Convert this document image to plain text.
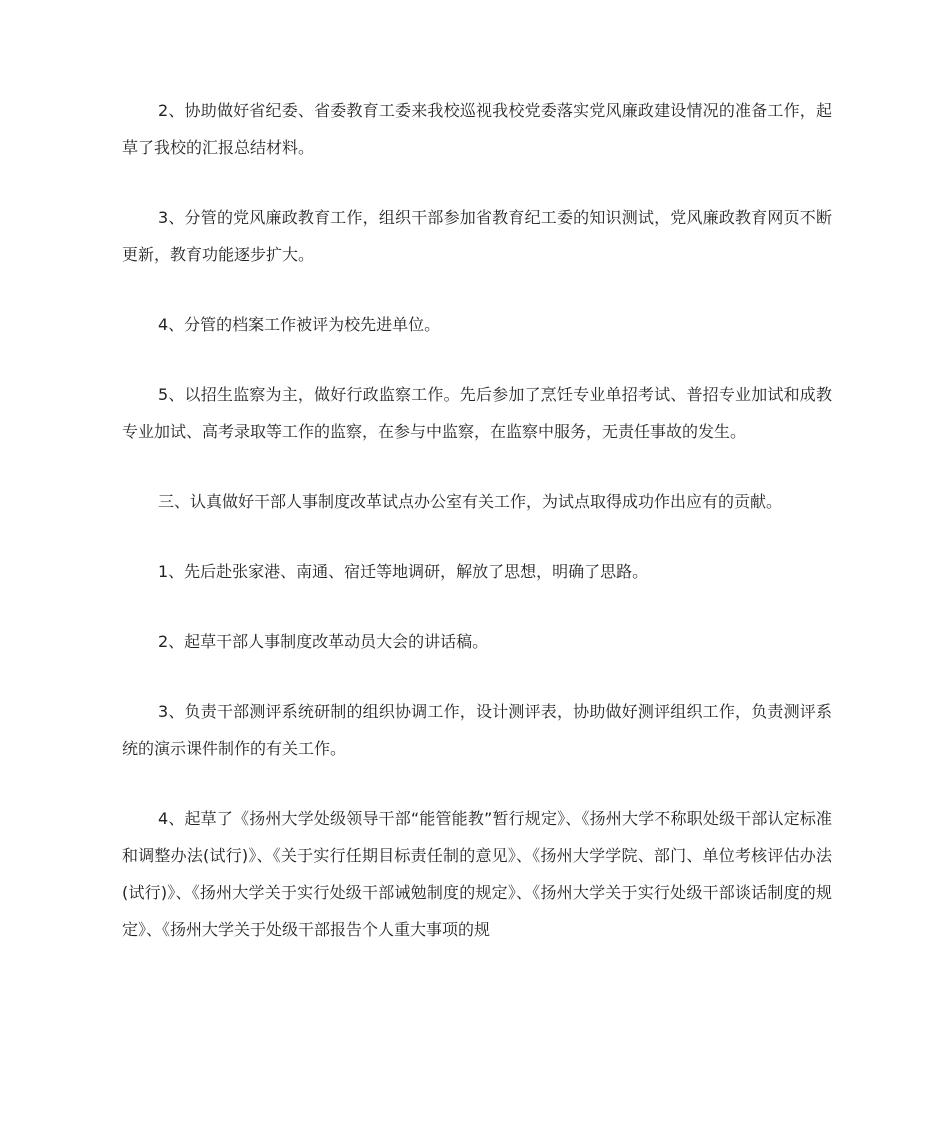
2、协助做好省纪委、省委教育工委来我校巡视我校党委落实党风廉政建设情况的准备工作，起草了我校的汇报总结材料。

3、分管的党风廉政教育工作，组织干部参加省教育纪工委的知识测试，党风廉政教育网页不断更新，教育功能逐步扩大。

4、分管的档案工作被评为校先进单位。

5、以招生监察为主，做好行政监察工作。先后参加了烹饪专业单招考试、普招专业加试和成教专业加试、高考录取等工作的监察，在参与中监察，在监察中服务，无责任事故的发生。

三、认真做好干部人事制度改革试点办公室有关工作，为试点取得成功作出应有的贡献。

1、先后赴张家港、南通、宿迁等地调研，解放了思想，明确了思路。

2、起草干部人事制度改革动员大会的讲话稿。

3、负责干部测评系统研制的组织协调工作，设计测评表，协助做好测评组织工作，负责测评系统的演示课件制作的有关工作。

4、起草了《扬州大学处级领导干部“能管能教”暂行规定》、《扬州大学不称职处级干部认定标准和调整办法(试行)》、《关于实行任期目标责任制的意见》、《扬州大学学院、部门、单位考核评估办法(试行)》、《扬州大学关于实行处级干部诫勉制度的规定》、《扬州大学关于实行处级干部谈话制度的规定》、《扬州大学关于处级干部报告个人重大事项的规
